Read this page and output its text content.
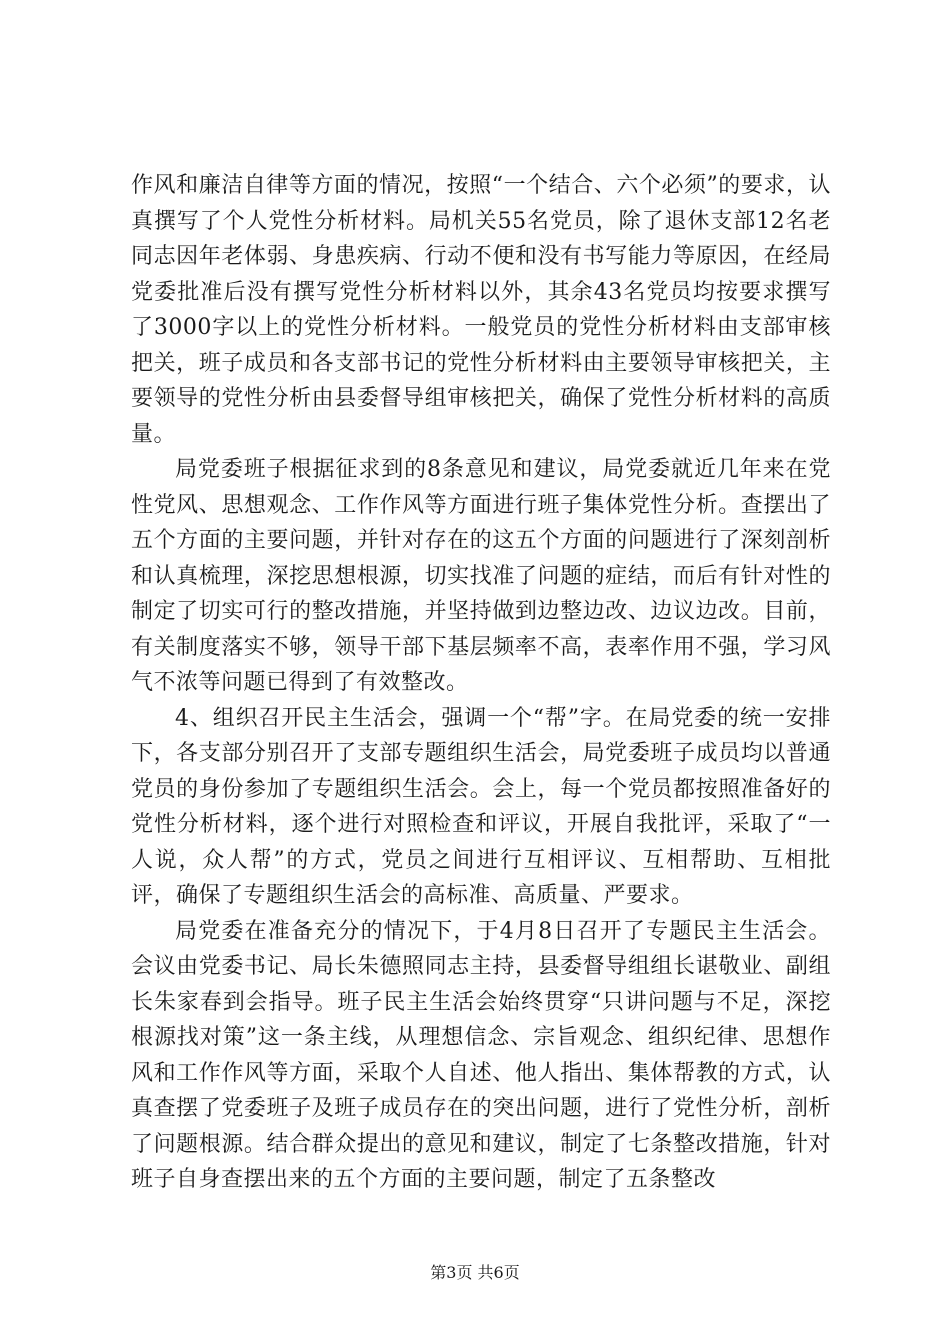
作风和廉洁自律等方面的情况，按照“一个结合、六个必须”的要求，认真撰写了个人党性分析材料。局机关55名党员，除了退休支部12名老同志因年老体弱、身患疾病、行动不便和没有书写能力等原因，在经局党委批准后没有撰写党性分析材料以外，其余43名党员均按要求撰写了3000字以上的党性分析材料。一般党员的党性分析材料由支部审核把关，班子成员和各支部书记的党性分析材料由主要领导审核把关，主要领导的党性分析由县委督导组审核把关，确保了党性分析材料的高质量。

局党委班子根据征求到的8条意见和建议，局党委就近几年来在党性党风、思想观念、工作作风等方面进行班子集体党性分析。查摆出了五个方面的主要问题，并针对存在的这五个方面的问题进行了深刻剖析和认真梳理，深挖思想根源，切实找准了问题的症结，而后有针对性的制定了切实可行的整改措施，并坚持做到边整边改、边议边改。目前，有关制度落实不够，领导干部下基层频率不高，表率作用不强，学习风气不浓等问题已得到了有效整改。

4、组织召开民主生活会，强调一个“帮”字。在局党委的统一安排下，各支部分别召开了支部专题组织生活会，局党委班子成员均以普通党员的身份参加了专题组织生活会。会上，每一个党员都按照准备好的党性分析材料，逐个进行对照检查和评议，开展自我批评，采取了“一人说，众人帮”的方式，党员之间进行互相评议、互相帮助、互相批评，确保了专题组织生活会的高标准、高质量、严要求。

局党委在准备充分的情况下，于4月8日召开了专题民主生活会。会议由党委书记、局长朱德照同志主持，县委督导组组长谌敬业、副组长朱家春到会指导。班子民主生活会始终贯穿“只讲问题与不足，深挖根源找对策”这一条主线，从理想信念、宗旨观念、组织纪律、思想作风和工作作风等方面，采取个人自述、他人指出、集体帮教的方式，认真查摆了党委班子及班子成员存在的突出问题，进行了党性分析，剖析了问题根源。结合群众提出的意见和建议，制定了七条整改措施，针对班子自身查摆出来的五个方面的主要问题，制定了五条整改

第3页 共6页
